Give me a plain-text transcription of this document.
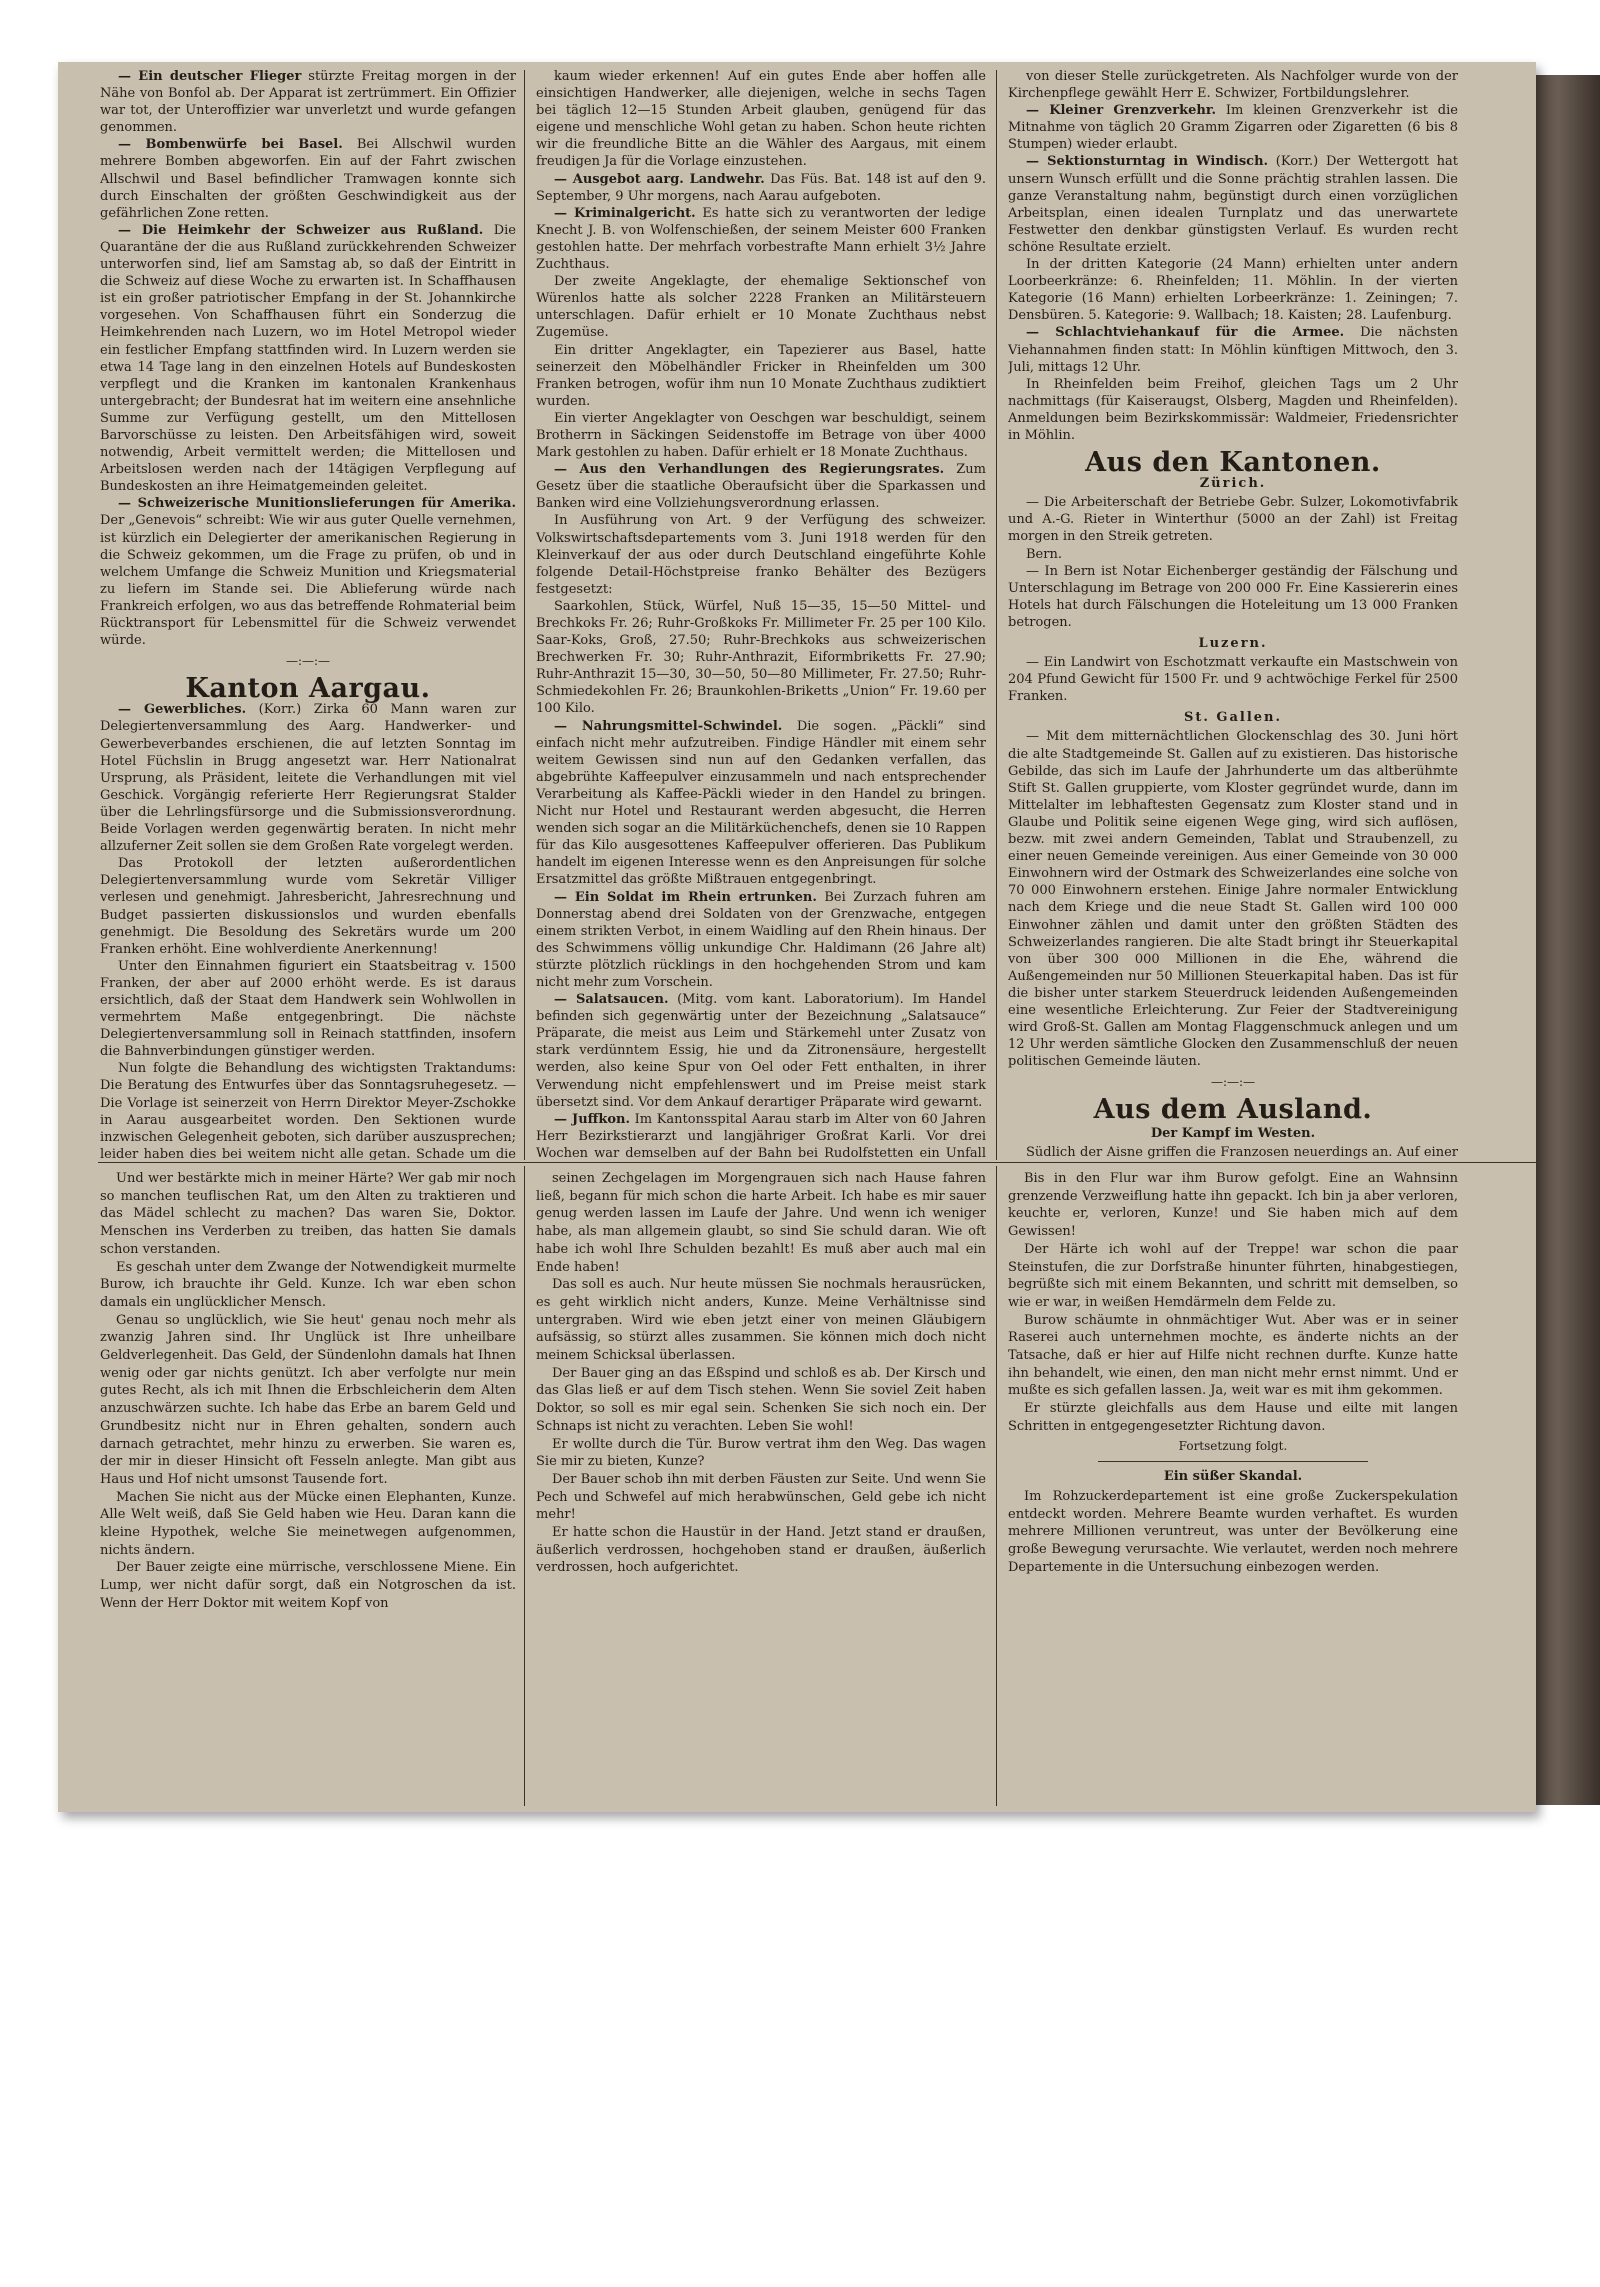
— Ein deutscher Flieger stürzte Freitag morgen in der Nähe von Bonfol ab. Der Apparat ist zertrümmert. Ein Offizier war tot, der Unteroffizier war unverletzt und wurde gefangen genommen.

— Bombenwürfe bei Basel. Bei Allschwil wurden mehrere Bomben abgeworfen. Ein auf der Fahrt zwischen Allschwil und Basel befindlicher Tramwagen konnte sich durch Einschalten der größten Geschwindigkeit aus der gefährlichen Zone retten.

— Die Heimkehr der Schweizer aus Rußland. Die Quarantäne der die aus Rußland zurückkehrenden Schweizer unterworfen sind, lief am Samstag ab, so daß der Eintritt in die Schweiz auf diese Woche zu erwarten ist. In Schaffhausen ist ein großer patriotischer Empfang in der St. Johannkirche vorgesehen. Von Schaffhausen führt ein Sonderzug die Heimkehrenden nach Luzern, wo im Hotel Metropol wieder ein festlicher Empfang stattfinden wird. In Luzern werden sie etwa 14 Tage lang in den einzelnen Hotels auf Bundeskosten verpflegt und die Kranken im kantonalen Krankenhaus untergebracht; der Bundesrat hat im weitern eine ansehnliche Summe zur Verfügung gestellt, um den Mittellosen Barvorschüsse zu leisten. Den Arbeitsfähigen wird, soweit notwendig, Arbeit vermittelt werden; die Mittellosen und Arbeitslosen werden nach der 14tägigen Verpflegung auf Bundeskosten an ihre Heimatgemeinden geleitet.

— Schweizerische Munitionslieferungen für Amerika. Der „Genevois“ schreibt: Wie wir aus guter Quelle vernehmen, ist kürzlich ein Delegierter der amerikanischen Regierung in die Schweiz gekommen, um die Frage zu prüfen, ob und in welchem Umfange die Schweiz Munition und Kriegsmaterial zu liefern im Stande sei. Die Ablieferung würde nach Frankreich erfolgen, wo aus das betreffende Rohmaterial beim Rücktransport für Lebensmittel für die Schweiz verwendet würde.

—:—:—
Kanton Aargau.

— Gewerbliches. (Korr.) Zirka 60 Mann waren zur Delegiertenversammlung des Aarg. Handwerker- und Gewerbeverbandes erschienen, die auf letzten Sonntag im Hotel Füchslin in Brugg angesetzt war. Herr Nationalrat Ursprung, als Präsident, leitete die Verhandlungen mit viel Geschick. Vorgängig referierte Herr Regierungsrat Stalder über die Lehrlingsfürsorge und die Submissionsverordnung. Beide Vorlagen werden gegenwärtig beraten. In nicht mehr allzuferner Zeit sollen sie dem Großen Rate vorgelegt werden.

Das Protokoll der letzten außerordentlichen Delegiertenversammlung wurde vom Sekretär Villiger verlesen und genehmigt. Jahresbericht, Jahresrechnung und Budget passierten diskussionslos und wurden ebenfalls genehmigt. Die Besoldung des Sekretärs wurde um 200 Franken erhöht. Eine wohlverdiente Anerkennung!

Unter den Einnahmen figuriert ein Staatsbeitrag v. 1500 Franken, der aber auf 2000 erhöht werde. Es ist daraus ersichtlich, daß der Staat dem Handwerk sein Wohlwollen in vermehrtem Maße entgegenbringt. Die nächste Delegiertenversammlung soll in Reinach stattfinden, insofern die Bahnverbindungen günstiger werden.

Nun folgte die Behandlung des wichtigsten Traktandums: Die Beratung des Entwurfes über das Sonntagsruhegesetz. — Die Vorlage ist seinerzeit von Herrn Direktor Meyer-Zschokke in Aarau ausgearbeitet worden. Den Sektionen wurde inzwischen Gelegenheit geboten, sich darüber auszusprechen; leider haben dies bei weitem nicht alle getan. Schade um die

kaum wieder erkennen! Auf ein gutes Ende aber hoffen alle einsichtigen Handwerker, alle diejenigen, welche in sechs Tagen bei täglich 12—15 Stunden Arbeit glauben, genügend für das eigene und menschliche Wohl getan zu haben. Schon heute richten wir die freundliche Bitte an die Wähler des Aargaus, mit einem freudigen Ja für die Vorlage einzustehen.

— Ausgebot aarg. Landwehr. Das Füs. Bat. 148 ist auf den 9. September, 9 Uhr morgens, nach Aarau aufgeboten.

— Kriminalgericht. Es hatte sich zu verantworten der ledige Knecht J. B. von Wolfenschießen, der seinem Meister 600 Franken gestohlen hatte. Der mehrfach vorbestrafte Mann erhielt 3½ Jahre Zuchthaus.

Der zweite Angeklagte, der ehemalige Sektionschef von Würenlos hatte als solcher 2228 Franken an Militärsteuern unterschlagen. Dafür erhielt er 10 Monate Zuchthaus nebst Zugemüse.

Ein dritter Angeklagter, ein Tapezierer aus Basel, hatte seinerzeit den Möbelhändler Fricker in Rheinfelden um 300 Franken betrogen, wofür ihm nun 10 Monate Zuchthaus zudiktiert wurden.

Ein vierter Angeklagter von Oeschgen war beschuldigt, seinem Brotherrn in Säckingen Seidenstoffe im Betrage von über 4000 Mark gestohlen zu haben. Dafür erhielt er 18 Monate Zuchthaus.

— Aus den Verhandlungen des Regierungsrates. Zum Gesetz über die staatliche Oberaufsicht über die Sparkassen und Banken wird eine Vollziehungsverordnung erlassen.

In Ausführung von Art. 9 der Verfügung des schweizer. Volkswirtschaftsdepartements vom 3. Juni 1918 werden für den Kleinverkauf der aus oder durch Deutschland eingeführte Kohle folgende Detail-Höchstpreise franko Behälter des Bezügers festgesetzt:

Saarkohlen, Stück, Würfel, Nuß 15—35, 15—50 Mittel- und Brechkoks Fr. 26; Ruhr-Großkoks Fr. Millimeter Fr. 25 per 100 Kilo. Saar-Koks, Groß, 27.50; Ruhr-Brechkoks aus schweizerischen Brechwerken Fr. 30; Ruhr-Anthrazit, Eiformbriketts Fr. 27.90; Ruhr-Anthrazit 15—30, 30—50, 50—80 Millimeter, Fr. 27.50; Ruhr-Schmiedekohlen Fr. 26; Braunkohlen-Briketts „Union“ Fr. 19.60 per 100 Kilo.

— Nahrungsmittel-Schwindel. Die sogen. „Päckli“ sind einfach nicht mehr aufzutreiben. Findige Händler mit einem sehr weitem Gewissen sind nun auf den Gedanken verfallen, das abgebrühte Kaffeepulver einzusammeln und nach entsprechender Verarbeitung als Kaffee-Päckli wieder in den Handel zu bringen. Nicht nur Hotel und Restaurant werden abgesucht, die Herren wenden sich sogar an die Militärküchenchefs, denen sie 10 Rappen für das Kilo ausgesottenes Kaffeepulver offerieren. Das Publikum handelt im eigenen Interesse wenn es den Anpreisungen für solche Ersatzmittel das größte Mißtrauen entgegenbringt.

— Ein Soldat im Rhein ertrunken. Bei Zurzach fuhren am Donnerstag abend drei Soldaten von der Grenzwache, entgegen einem strikten Verbot, in einem Waidling auf den Rhein hinaus. Der des Schwimmens völlig unkundige Chr. Haldimann (26 Jahre alt) stürzte plötzlich rücklings in den hochgehenden Strom und kam nicht mehr zum Vorschein.

— Salatsaucen. (Mitg. vom kant. Laboratorium). Im Handel befinden sich gegenwärtig unter der Bezeichnung „Salatsauce“ Präparate, die meist aus Leim und Stärkemehl unter Zusatz von stark verdünntem Essig, hie und da Zitronensäure, hergestellt werden, also keine Spur von Oel oder Fett enthalten, in ihrer Verwendung nicht empfehlenswert und im Preise meist stark übersetzt sind. Vor dem Ankauf derartiger Präparate wird gewarnt.

— Juffkon. Im Kantonsspital Aarau starb im Alter von 60 Jahren Herr Bezirkstierarzt und langjähriger Großrat Karli. Vor drei Wochen war demselben auf der Bahn bei Rudolfstetten ein Unfall

von dieser Stelle zurückgetreten. Als Nachfolger wurde von der Kirchenpflege gewählt Herr E. Schwizer, Fortbildungslehrer.

— Kleiner Grenzverkehr. Im kleinen Grenzverkehr ist die Mitnahme von täglich 20 Gramm Zigarren oder Zigaretten (6 bis 8 Stumpen) wieder erlaubt.

— Sektionsturntag in Windisch. (Korr.) Der Wettergott hat unsern Wunsch erfüllt und die Sonne prächtig strahlen lassen. Die ganze Veranstaltung nahm, begünstigt durch einen vorzüglichen Arbeitsplan, einen idealen Turnplatz und das unerwartete Festwetter den denkbar günstigsten Verlauf. Es wurden recht schöne Resultate erzielt.

In der dritten Kategorie (24 Mann) erhielten unter andern Loorbeerkränze: 6. Rheinfelden; 11. Möhlin. In der vierten Kategorie (16 Mann) erhielten Lorbeerkränze: 1. Zeiningen; 7. Densbüren. 5. Kategorie: 9. Wallbach; 18. Kaisten; 28. Laufenburg.

— Schlachtviehankauf für die Armee. Die nächsten Viehannahmen finden statt: In Möhlin künftigen Mittwoch, den 3. Juli, mittags 12 Uhr.

In Rheinfelden beim Freihof, gleichen Tags um 2 Uhr nachmittags (für Kaiseraugst, Olsberg, Magden und Rheinfelden). Anmeldungen beim Bezirkskommissär: Waldmeier, Friedensrichter in Möhlin.

Aus den Kantonen.
Zürich.

— Die Arbeiterschaft der Betriebe Gebr. Sulzer, Lokomotivfabrik und A.-G. Rieter in Winterthur (5000 an der Zahl) ist Freitag morgen in den Streik getreten.

Bern.

— In Bern ist Notar Eichenberger geständig der Fälschung und Unterschlagung im Betrage von 200 000 Fr. Eine Kassiererin eines Hotels hat durch Fälschungen die Hoteleitung um 13 000 Franken betrogen.

Luzern.

— Ein Landwirt von Eschotzmatt verkaufte ein Mastschwein von 204 Pfund Gewicht für 1500 Fr. und 9 achtwöchige Ferkel für 2500 Franken.

St. Gallen.

— Mit dem mitternächtlichen Glockenschlag des 30. Juni hört die alte Stadtgemeinde St. Gallen auf zu existieren. Das historische Gebilde, das sich im Laufe der Jahrhunderte um das altberühmte Stift St. Gallen gruppierte, vom Kloster gegründet wurde, dann im Mittelalter im lebhaftesten Gegensatz zum Kloster stand und in Glaube und Politik seine eigenen Wege ging, wird sich auflösen, bezw. mit zwei andern Gemeinden, Tablat und Straubenzell, zu einer neuen Gemeinde vereinigen. Aus einer Gemeinde von 30 000 Einwohnern wird der Ostmark des Schweizerlandes eine solche von 70 000 Einwohnern erstehen. Einige Jahre normaler Entwicklung nach dem Kriege und die neue Stadt St. Gallen wird 100 000 Einwohner zählen und damit unter den größten Städten des Schweizerlandes rangieren. Die alte Stadt bringt ihr Steuerkapital von über 300 000 Millionen in die Ehe, während die Außengemeinden nur 50 Millionen Steuerkapital haben. Das ist für die bisher unter starkem Steuerdruck leidenden Außengemeinden eine wesentliche Erleichterung. Zur Feier der Stadtvereinigung wird Groß-St. Gallen am Montag Flaggenschmuck anlegen und um 12 Uhr werden sämtliche Glocken den Zusammenschluß der neuen politischen Gemeinde läuten.

—:—:—
Aus dem Ausland.
Der Kampf im Westen.

Südlich der Aisne griffen die Franzosen neuerdings an. Auf einer

Und wer bestärkte mich in meiner Härte? Wer gab mir noch so manchen teuflischen Rat, um den Alten zu traktieren und das Mädel schlecht zu machen? Das waren Sie, Doktor. Menschen ins Verderben zu treiben, das hatten Sie damals schon verstanden.

Es geschah unter dem Zwange der Notwendigkeit murmelte Burow, ich brauchte ihr Geld. Kunze. Ich war eben schon damals ein unglücklicher Mensch.

Genau so unglücklich, wie Sie heut' genau noch mehr als zwanzig Jahren sind. Ihr Unglück ist Ihre unheilbare Geldverlegenheit. Das Geld, der Sündenlohn damals hat Ihnen wenig oder gar nichts genützt. Ich aber verfolgte nur mein gutes Recht, als ich mit Ihnen die Erbschleicherin dem Alten anzuschwärzen suchte. Ich habe das Erbe an barem Geld und Grundbesitz nicht nur in Ehren gehalten, sondern auch darnach getrachtet, mehr hinzu zu erwerben. Sie waren es, der mir in dieser Hinsicht oft Fesseln anlegte. Man gibt aus Haus und Hof nicht umsonst Tausende fort.

Machen Sie nicht aus der Mücke einen Elephanten, Kunze. Alle Welt weiß, daß Sie Geld haben wie Heu. Daran kann die kleine Hypothek, welche Sie meinetwegen aufgenommen, nichts ändern.

Der Bauer zeigte eine mürrische, verschlossene Miene. Ein Lump, wer nicht dafür sorgt, daß ein Notgroschen da ist. Wenn der Herr Doktor mit weitem Kopf von

seinen Zechgelagen im Morgengrauen sich nach Hause fahren ließ, begann für mich schon die harte Arbeit. Ich habe es mir sauer genug werden lassen im Laufe der Jahre. Und wenn ich weniger habe, als man allgemein glaubt, so sind Sie schuld daran. Wie oft habe ich wohl Ihre Schulden bezahlt! Es muß aber auch mal ein Ende haben!

Das soll es auch. Nur heute müssen Sie nochmals herausrücken, es geht wirklich nicht anders, Kunze. Meine Verhältnisse sind untergraben. Wird wie eben jetzt einer von meinen Gläubigern aufsässig, so stürzt alles zusammen. Sie können mich doch nicht meinem Schicksal überlassen.

Der Bauer ging an das Eßspind und schloß es ab. Der Kirsch und das Glas ließ er auf dem Tisch stehen. Wenn Sie soviel Zeit haben Doktor, so soll es mir egal sein. Schenken Sie sich noch ein. Der Schnaps ist nicht zu verachten. Leben Sie wohl!

Er wollte durch die Tür. Burow vertrat ihm den Weg. Das wagen Sie mir zu bieten, Kunze?

Der Bauer schob ihn mit derben Fäusten zur Seite. Und wenn Sie Pech und Schwefel auf mich herabwünschen, Geld gebe ich nicht mehr!

Er hatte schon die Haustür in der Hand. Jetzt stand er draußen, äußerlich verdrossen, hochgehoben stand er draußen, äußerlich verdrossen, hoch aufgerichtet.

Bis in den Flur war ihm Burow gefolgt. Eine an Wahnsinn grenzende Verzweiflung hatte ihn gepackt. Ich bin ja aber verloren, keuchte er, verloren, Kunze! und Sie haben mich auf dem Gewissen!

Der Härte ich wohl auf der Treppe! war schon die paar Steinstufen, die zur Dorfstraße hinunter führten, hinabgestiegen, begrüßte sich mit einem Bekannten, und schritt mit demselben, so wie er war, in weißen Hemdärmeln dem Felde zu.

Burow schäumte in ohnmächtiger Wut. Aber was er in seiner Raserei auch unternehmen mochte, es änderte nichts an der Tatsache, daß er hier auf Hilfe nicht rechnen durfte. Kunze hatte ihn behandelt, wie einen, den man nicht mehr ernst nimmt. Und er mußte es sich gefallen lassen. Ja, weit war es mit ihm gekommen.

Er stürzte gleichfalls aus dem Hause und eilte mit langen Schritten in entgegengesetzter Richtung davon.

Fortsetzung folgt.
Ein süßer Skandal.

Im Rohzuckerdepartement ist eine große Zuckerspekulation entdeckt worden. Mehrere Beamte wurden verhaftet. Es wurden mehrere Millionen veruntreut, was unter der Bevölkerung eine große Bewegung verursachte. Wie verlautet, werden noch mehrere Departemente in die Untersuchung einbezogen werden.
